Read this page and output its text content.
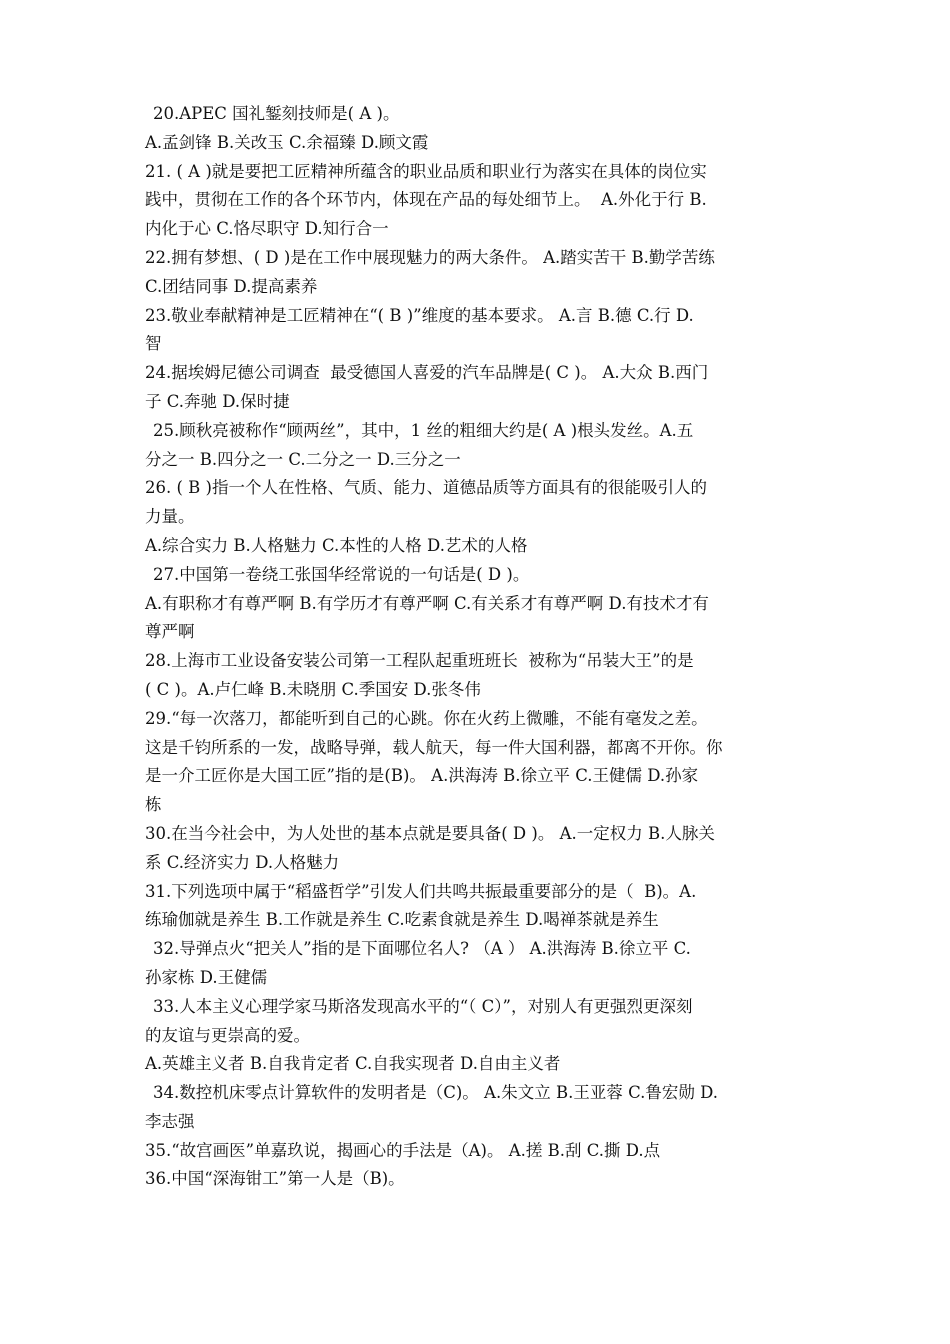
20.APEC 国礼錾刻技师是( A )。

A.孟剑锋 B.关改玉 C.余福臻 D.顾文霞

21. ( A )就是要把工匠精神所蕴含的职业品质和职业行为落实在具体的岗位实

践中，贯彻在工作的各个环节内，体现在产品的每处细节上。  A.外化于行 B.

内化于心 C.恪尽职守 D.知行合一

22.拥有梦想、( D )是在工作中展现魅力的两大条件。 A.踏实苦干 B.勤学苦练

C.团结同事 D.提高素养

23.敬业奉献精神是工匠精神在“( B )”维度的基本要求。 A.言 B.德 C.行 D.

智

24.据埃姆尼德公司调查  最受德国人喜爱的汽车品牌是( C )。 A.大众 B.西门

子 C.奔驰 D.保时捷

25.顾秋亮被称作“顾两丝”，其中，1 丝的粗细大约是( A )根头发丝。A.五

分之一 B.四分之一 C.二分之一 D.三分之一

26. ( B )指一个人在性格、气质、能力、道德品质等方面具有的很能吸引人的

力量。

A.综合实力 B.人格魅力 C.本性的人格 D.艺术的人格

27.中国第一卷绕工张国华经常说的一句话是( D )。

A.有职称才有尊严啊 B.有学历才有尊严啊 C.有关系才有尊严啊 D.有技术才有

尊严啊

28.上海市工业设备安装公司第一工程队起重班班长  被称为“吊装大王”的是

( C )。A.卢仁峰 B.未晓朋 C.季国安 D.张冬伟

29.“每一次落刀，都能听到自己的心跳。你在火药上微雕，不能有毫发之差。

这是千钧所系的一发，战略导弹，载人航天，每一件大国利器，都离不开你。你

是一介工匠你是大国工匠”指的是(B)。 A.洪海涛 B.徐立平 C.王健儒 D.孙家

栋

30.在当今社会中，为人处世的基本点就是要具备( D )。 A.一定权力 B.人脉关

系 C.经济实力 D.人格魅力

31.下列选项中属于“稻盛哲学”引发人们共鸣共振最重要部分的是（  B)。A.

练瑜伽就是养生 B.工作就是养生 C.吃素食就是养生 D.喝禅茶就是养生

32.导弹点火“把关人”指的是下面哪位名人? （A ） A.洪海涛 B.徐立平 C.

孙家栋 D.王健儒

33.人本主义心理学家马斯洛发现高水平的“（ C）”，对别人有更强烈更深刻

的友谊与更崇高的爱。

A.英雄主义者 B.自我肯定者 C.自我实现者 D.自由主义者

34.数控机床零点计算软件的发明者是（C)。 A.朱文立 B.王亚蓉 C.鲁宏勋 D.

李志强

35.“故宫画医”单嘉玖说，揭画心的手法是（A)。 A.搓 B.刮 C.撕 D.点

36.中国“深海钳工”第一人是（B)。
